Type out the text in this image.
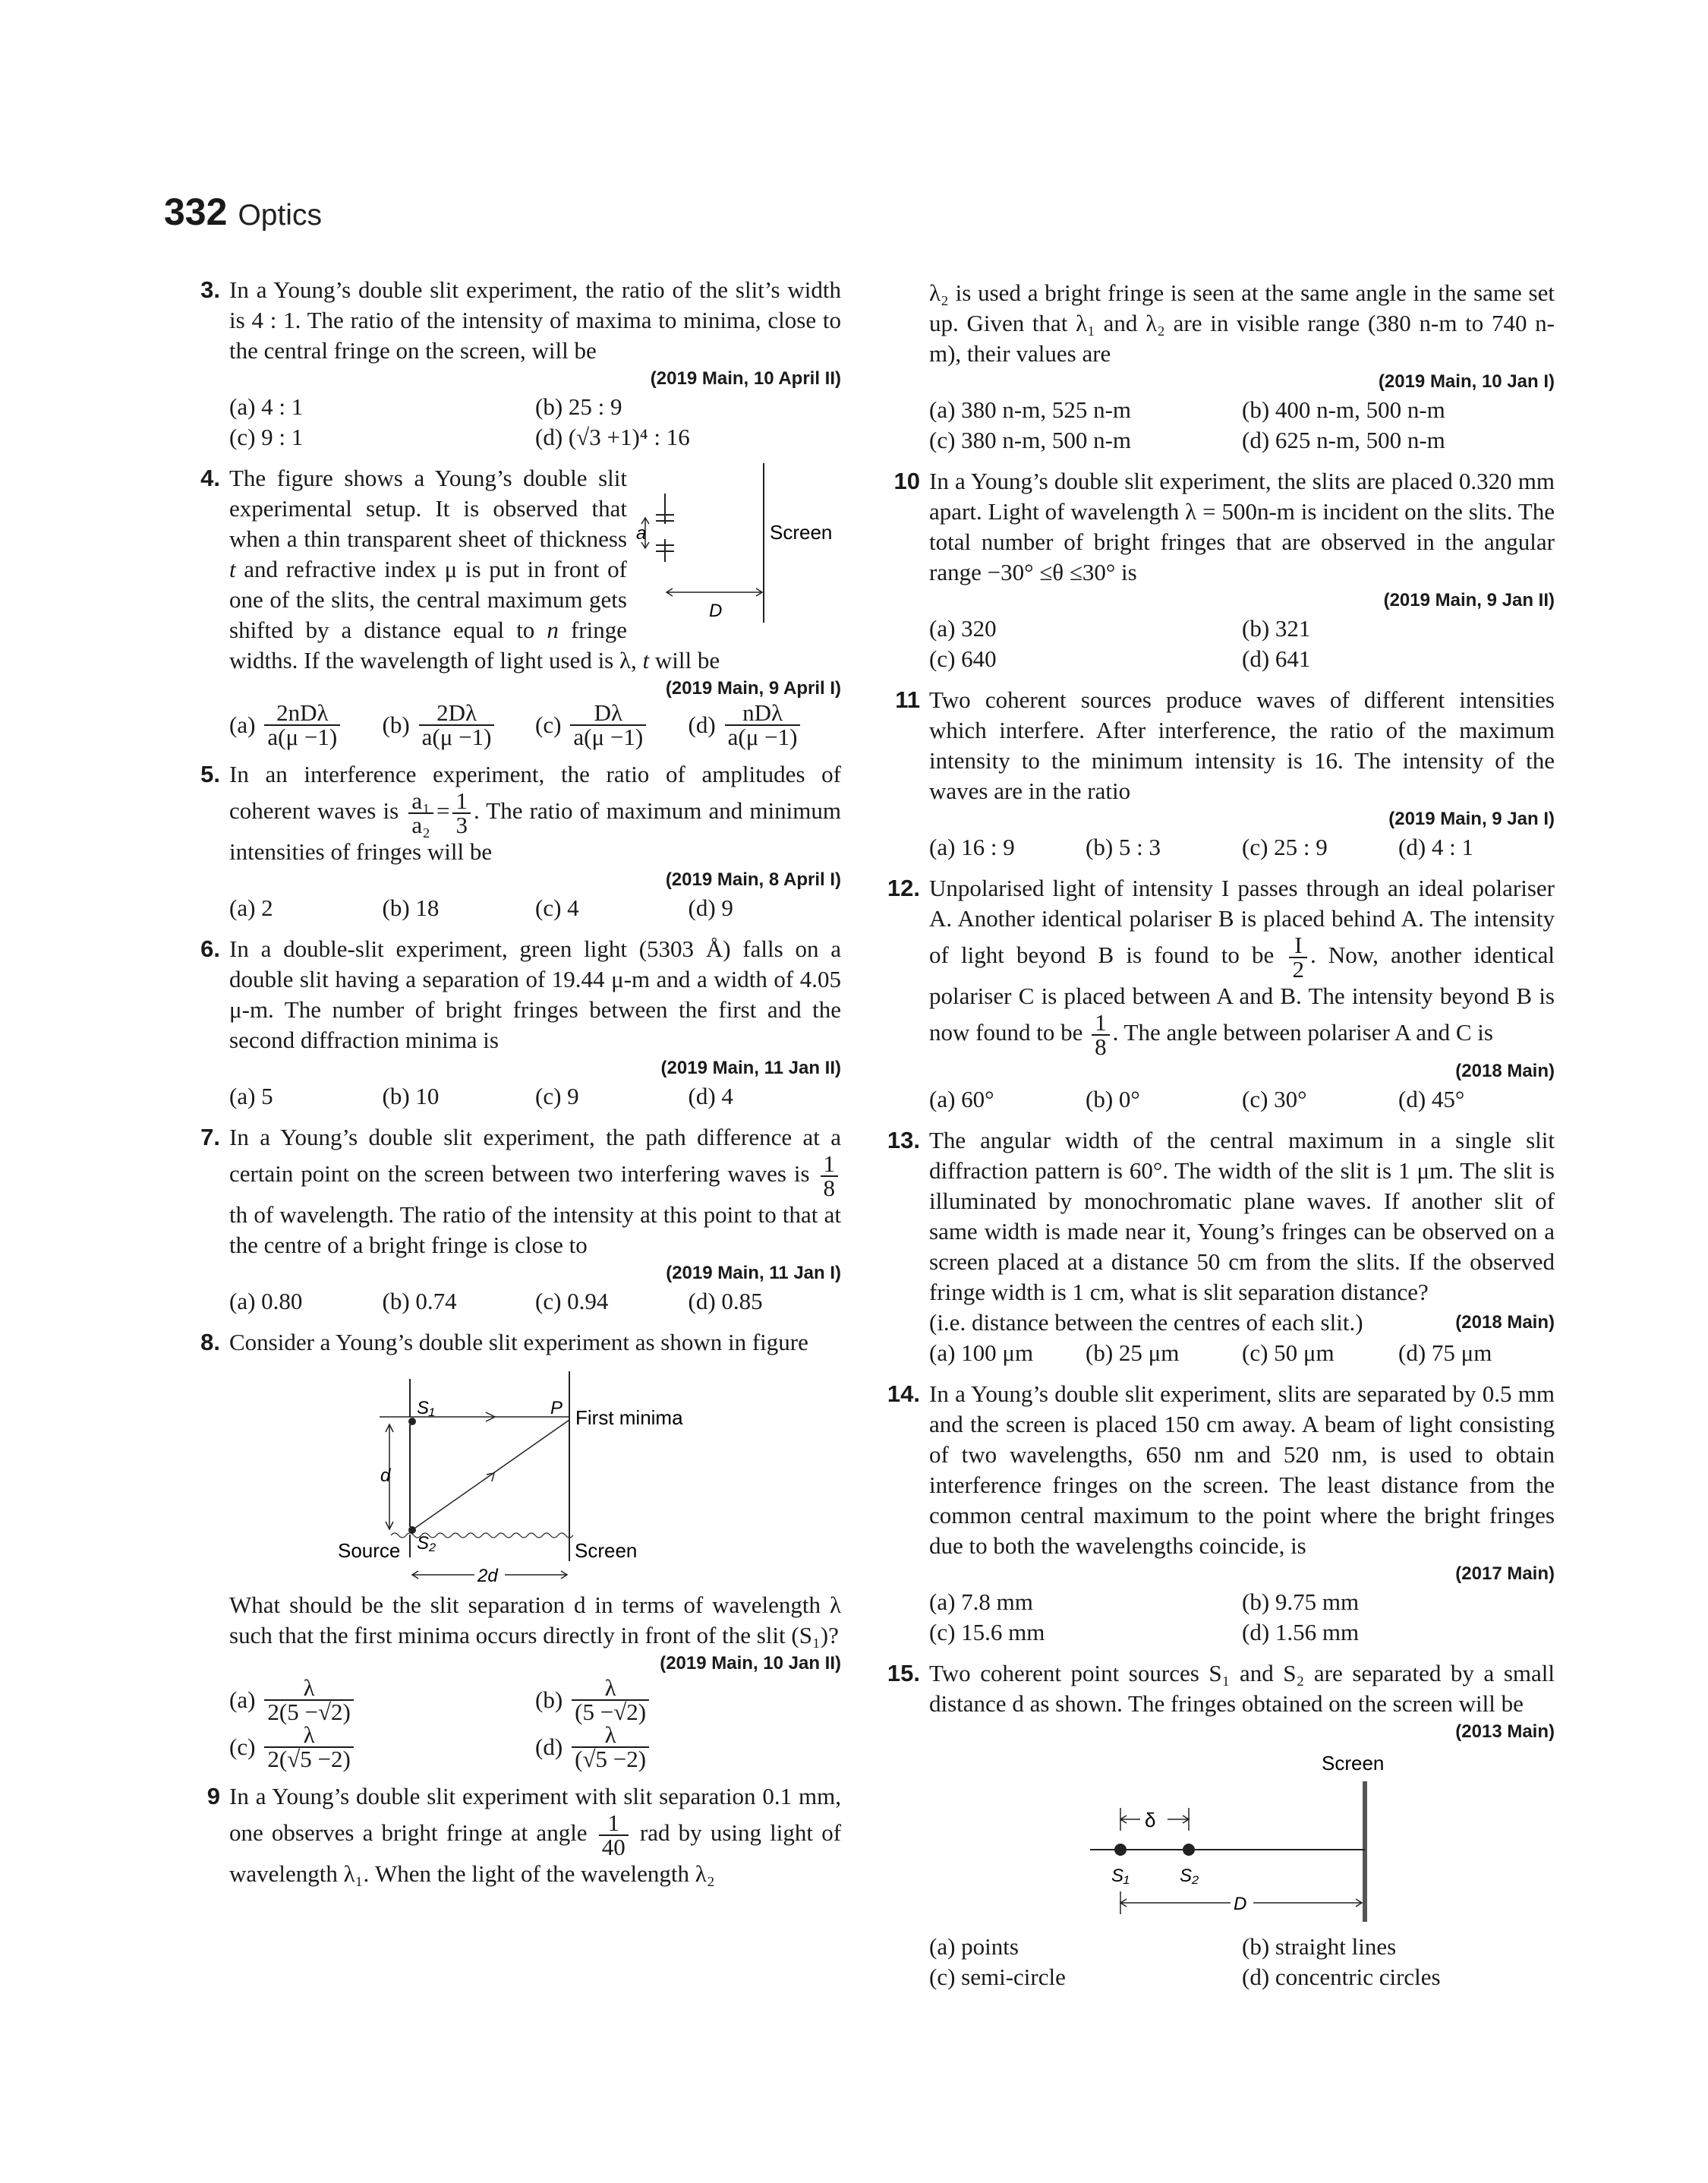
332 Optics
3. In a Young’s double slit experiment, the ratio of the slit’s width is 4 : 1. The ratio of the intensity of maxima to minima, close to the central fringe on the screen, will be
(2019 Main, 10 April II)
(a) 4 : 1	(b) 25 : 9
(c) 9 : 1	(d) (√3 +1)⁴ : 16
4.
a	Screen
D
The figure shows a Young’s double slit experimental setup. It is observed that when a thin transparent sheet of thickness t and refractive index μ is put in front of one of the slits, the central maximum gets shifted by a distance equal to n fringe widths. If the wavelength of light used is λ, t will be
(2019 Main, 9 April I)
$(a) \frac{\text{2nDλ}}{a(\mu -1)} (b) \frac{2D\lambda}{a(\mu -1)} (c) \frac{D\lambda}{a(\mu -1)} (d) \frac{\text{nDλ}}{a(\mu -1)}$
5. In an interference experiment, the ratio of amplitudes of coherent waves is $\frac{\text{a₁}}{\text{a₂}} = \frac{1}{3}$ . The ratio of maximum and minimum intensities of fringes will be
(2019 Main, 8 April I)
(a) 2	(b) 18	(c) 4	(d) 9
6. In a double-slit experiment, green light (5303 Å) falls on a double slit having a separation of 19.44 μ-m and a width of 4.05 μ-m. The number of bright fringes between the first and the second diffraction minima is
(2019 Main, 11 Jan II)
(a) 5	(b) 10	(c) 9	(d) 4
7. In a Young’s double slit experiment, the path difference at a certain point on the screen between two interfering waves is $\frac{1}{8}$
th of wavelength. The ratio of the intensity at this point to that at the centre of a bright fringe is close to
(2019 Main, 11 Jan I)
(a) 0.80	(b) 0.74	(c) 0.94	(d) 0.85
8. Consider a Young’s double slit experiment as shown in figure
S₁
S₂
P First minima
d
Source	Screen
2d
What should be the slit separation d in terms of wavelength λ such that the first minima occurs directly in front of the slit (S₁)?
(2019 Main, 10 Jan II)
$(a) \frac{\lambda}{2(5 -√2)}$	$(b) \frac{\lambda}{(5 -√2)}$
$(c) \frac{\lambda}{2(√5 -2)}$	$(d) \frac{\lambda}{(√5 -2)}$
9 In a Young’s double slit experiment with slit separation 0.1 mm, one observes a bright fringe at angle $\frac{1}{40}$ rad by using light of wavelength λ₁. When the light of the wavelength λ₂
λ₂ is used a bright fringe is seen at the same angle in the same set up. Given that λ₁ and λ₂ are in visible range (380 n-m to 740 n-m), their values are
(2019 Main, 10 Jan I)
(a) 380 n-m, 525 n-m	(b) 400 n-m, 500 n-m
(c) 380 n-m, 500 n-m	(d) 625 n-m, 500 n-m
10 In a Young’s double slit experiment, the slits are placed 0.320 mm apart. Light of wavelength λ = 500n-m is incident on the slits. The total number of bright fringes that are observed in the angular range −30° ≤θ ≤30° is
(2019 Main, 9 Jan II)
(a) 320	(b) 321
(c) 640	(d) 641
11 Two coherent sources produce waves of different intensities which interfere. After interference, the ratio of the maximum intensity to the minimum intensity is 16. The intensity of the waves are in the ratio
(2019 Main, 9 Jan I)
(a) 16 : 9	(b) 5 : 3	(c) 25 : 9	(d) 4 : 1
12. Unpolarised light of intensity I passes through an ideal polariser A. Another identical polariser B is placed behind A. The intensity of light beyond B is found to be $\frac{I}{2}$ . Now, another identical polariser C is placed between A and B. The intensity beyond B is now found to be $\frac{1}{8}$ . The angle between polariser A and C is
(2018 Main)
(a) 60°	(b) 0°	(c) 30°	(d) 45°
13. The angular width of the central maximum in a single slit diffraction pattern is 60°. The width of the slit is 1 μm. The slit is illuminated by monochromatic plane waves. If another slit of same width is made near it, Young’s fringes can be observed on a screen placed at a distance 50 cm from the slits. If the observed fringe width is 1 cm, what is slit separation distance?
(i.e. distance between the centres of each slit.)	(2018 Main)
(a) 100 μm	(b) 25 μm	(c) 50 μm	(d) 75 μm
14. In a Young’s double slit experiment, slits are separated by 0.5 mm and the screen is placed 150 cm away. A beam of light consisting of two wavelengths, 650 nm and 520 nm, is used to obtain interference fringes on the screen. The least distance from the common central maximum to the point where the bright fringes due to both the wavelengths coincide, is
(2017 Main)
(a) 7.8 mm	(b) 9.75 mm
(c) 15.6 mm	(d) 1.56 mm
15. Two coherent point sources S₁ and S₂ are separated by a small distance d as shown. The fringes obtained on the screen will be
(2013 Main)
Screen
δ
S₁	S₂
D
(a) points	(b) straight lines
(c) semi-circle	(d) concentric circles
